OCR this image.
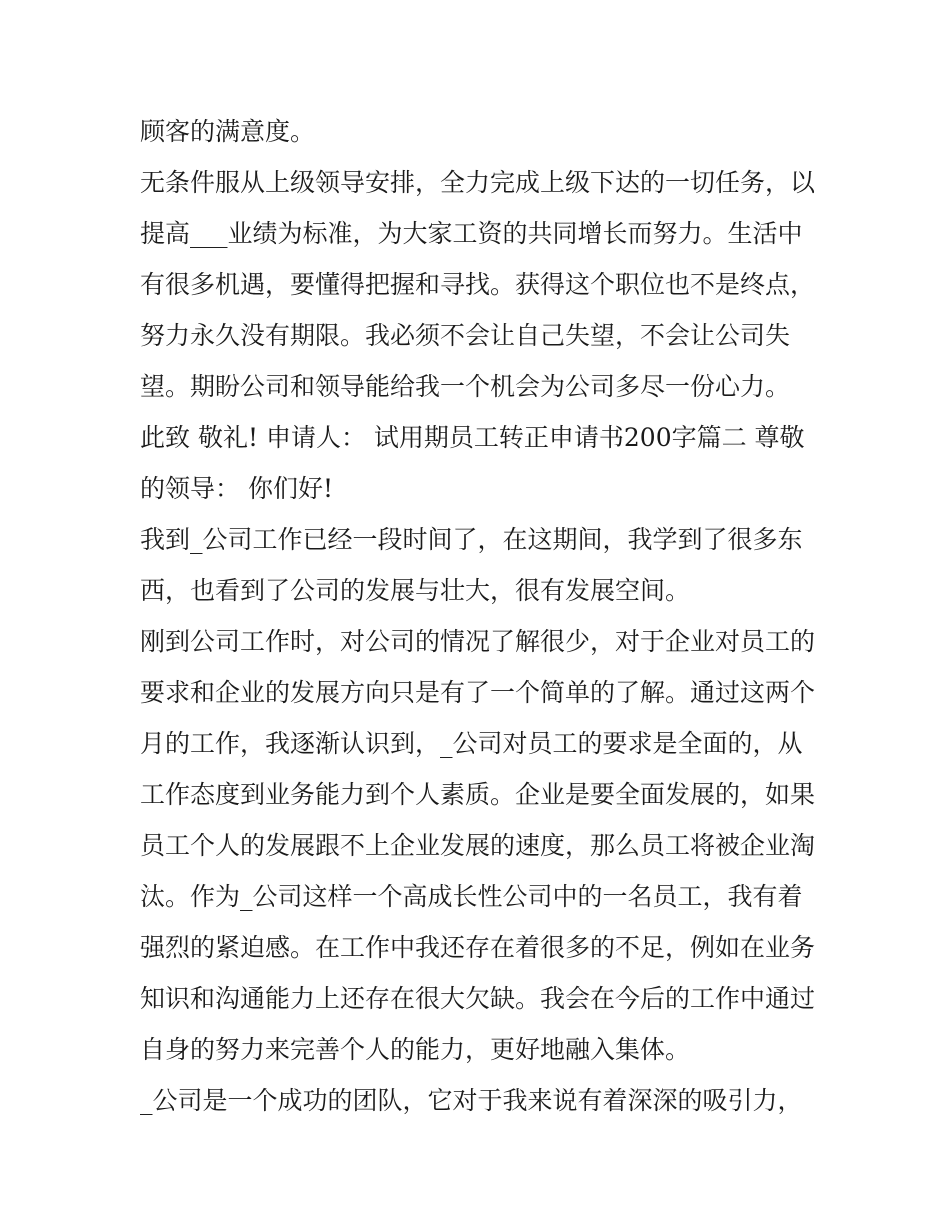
顾客的满意度。
无条件服从上级领导安排，全力完成上级下达的一切任务，以
提高___业绩为标准，为大家工资的共同增长而努力。生活中
有很多机遇，要懂得把握和寻找。获得这个职位也不是终点，
努力永久没有期限。我必须不会让自己失望，不会让公司失
望。期盼公司和领导能给我一个机会为公司多尽一份心力。
此致 敬礼! 申请人： 试用期员工转正申请书200字篇二 尊敬
的领导： 你们好!
我到_公司工作已经一段时间了，在这期间，我学到了很多东
西，也看到了公司的发展与壮大，很有发展空间。
刚到公司工作时，对公司的情况了解很少，对于企业对员工的
要求和企业的发展方向只是有了一个简单的了解。通过这两个
月的工作，我逐渐认识到，_公司对员工的要求是全面的，从
工作态度到业务能力到个人素质。企业是要全面发展的，如果
员工个人的发展跟不上企业发展的速度，那么员工将被企业淘
汰。作为_公司这样一个高成长性公司中的一名员工，我有着
强烈的紧迫感。在工作中我还存在着很多的不足，例如在业务
知识和沟通能力上还存在很大欠缺。我会在今后的工作中通过
自身的努力来完善个人的能力，更好地融入集体。
_公司是一个成功的团队，它对于我来说有着深深的吸引力，
